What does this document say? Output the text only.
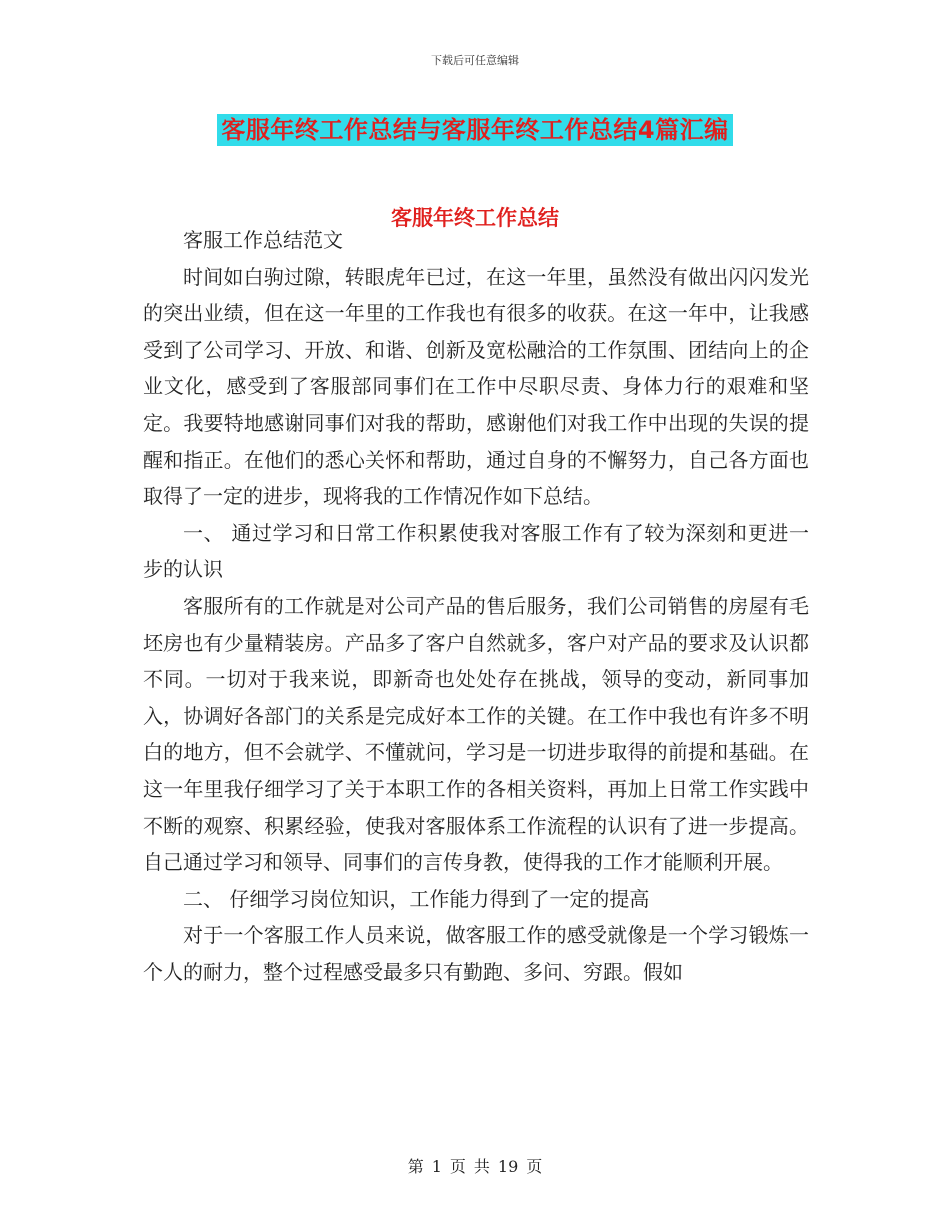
下载后可任意编辑
客服年终工作总结与客服年终工作总结4篇汇编
客服年终工作总结

客服工作总结范文

时间如白驹过隙，转眼虎年已过，在这一年里，虽然没有做出闪闪发光的突出业绩，但在这一年里的工作我也有很多的收获。在这一年中，让我感受到了公司学习、开放、和谐、创新及宽松融洽的工作氛围、团结向上的企业文化，感受到了客服部同事们在工作中尽职尽责、身体力行的艰难和坚定。我要特地感谢同事们对我的帮助，感谢他们对我工作中出现的失误的提醒和指正。在他们的悉心关怀和帮助，通过自身的不懈努力，自己各方面也取得了一定的进步，现将我的工作情况作如下总结。

一、 通过学习和日常工作积累使我对客服工作有了较为深刻和更进一步的认识

客服所有的工作就是对公司产品的售后服务，我们公司销售的房屋有毛坯房也有少量精装房。产品多了客户自然就多，客户对产品的要求及认识都不同。一切对于我来说，即新奇也处处存在挑战，领导的变动，新同事加入，协调好各部门的关系是完成好本工作的关键。在工作中我也有许多不明白的地方，但不会就学、不懂就问，学习是一切进步取得的前提和基础。在这一年里我仔细学习了关于本职工作的各相关资料，再加上日常工作实践中不断的观察、积累经验，使我对客服体系工作流程的认识有了进一步提高。自己通过学习和领导、同事们的言传身教，使得我的工作才能顺利开展。

二、 仔细学习岗位知识，工作能力得到了一定的提高

对于一个客服工作人员来说，做客服工作的感受就像是一个学习锻炼一个人的耐力，整个过程感受最多只有勤跑、多问、穷跟。假如

第 1 页 共 19 页
